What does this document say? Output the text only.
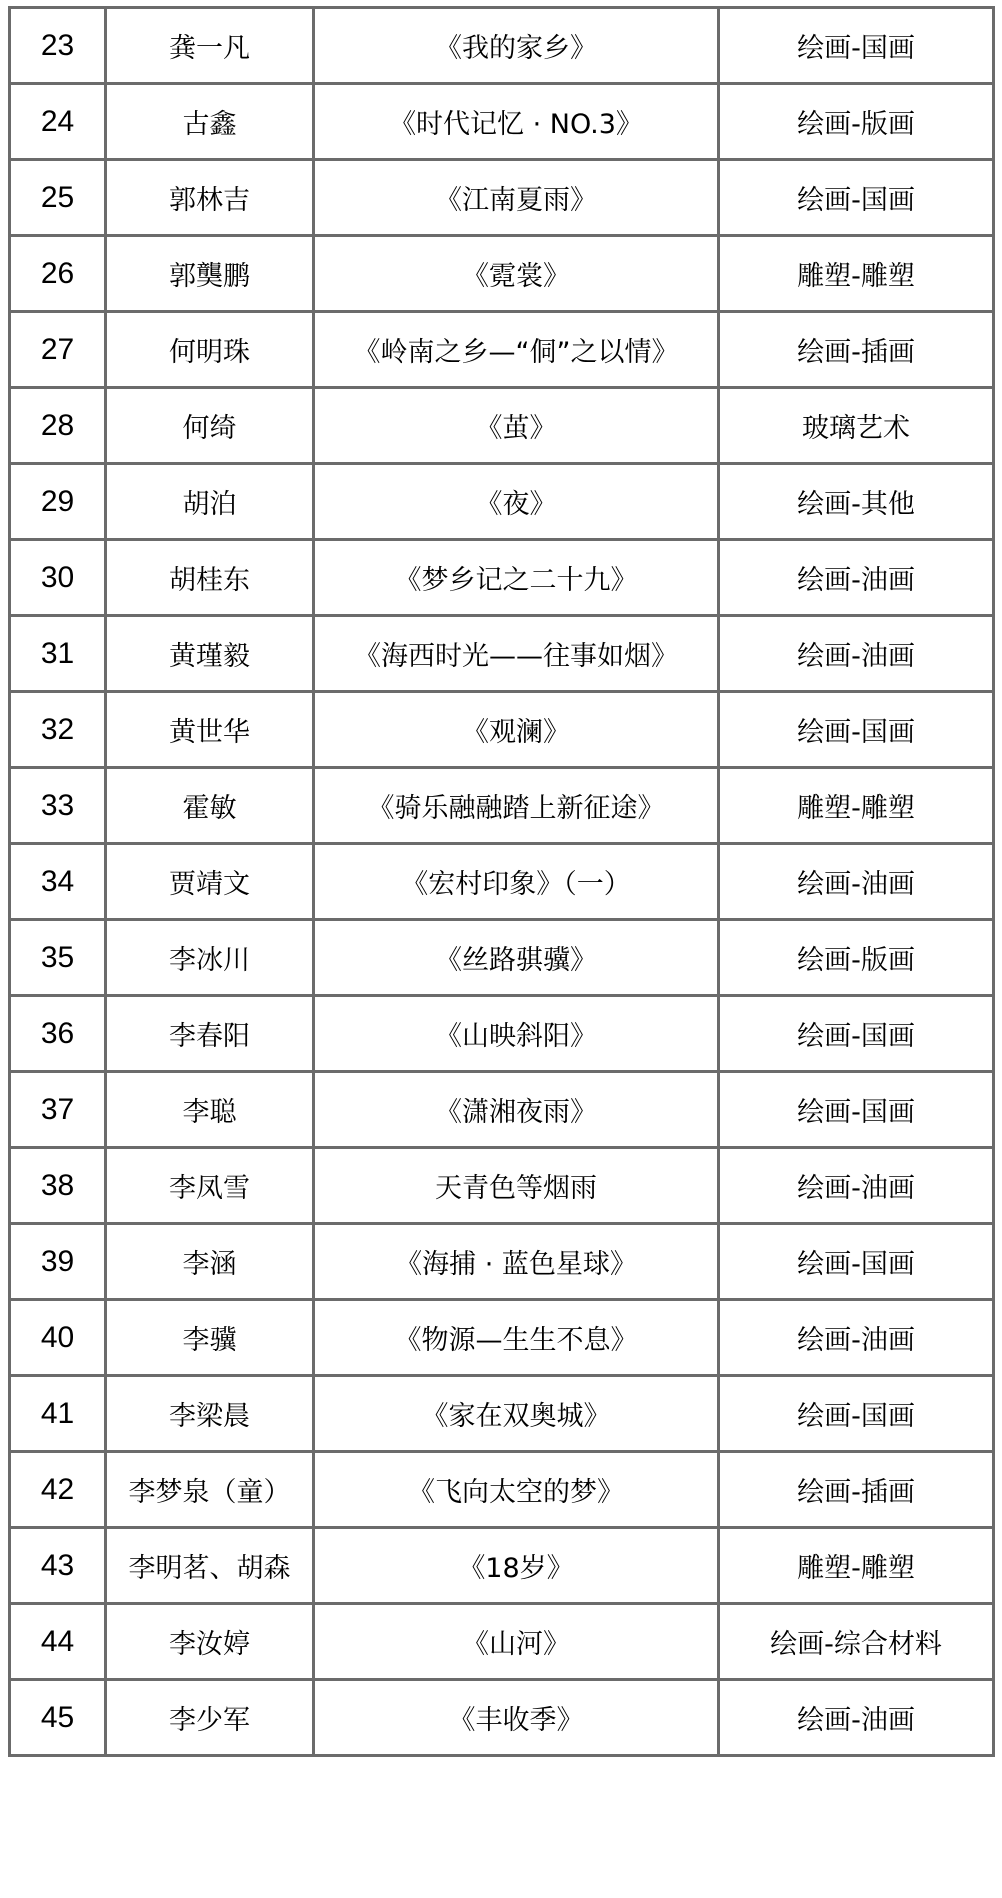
23	龚一凡	《我的家乡》	绘画-国画
24	古鑫	《时代记忆 · NO.3》	绘画-版画
25	郭林吉	《江南夏雨》	绘画-国画
26	郭龑鹏	《霓裳》	雕塑-雕塑
27	何明珠	《岭南之乡—“侗”之以情》	绘画-插画
28	何绮	《茧》	玻璃艺术
29	胡泊	《夜》	绘画-其他
30	胡桂东	《梦乡记之二十九》	绘画-油画
31	黄瑾毅	《海西时光——往事如烟》	绘画-油画
32	黄世华	《观澜》	绘画-国画
33	霍敏	《骑乐融融踏上新征途》	雕塑-雕塑
34	贾靖文	《宏村印象》（一）	绘画-油画
35	李冰川	《丝路骐骥》	绘画-版画
36	李春阳	《山映斜阳》	绘画-国画
37	李聪	《潇湘夜雨》	绘画-国画
38	李凤雪	天青色等烟雨	绘画-油画
39	李涵	《海捕 · 蓝色星球》	绘画-国画
40	李骥	《物源—生生不息》	绘画-油画
41	李梁晨	《家在双奥城》	绘画-国画
42	李梦泉（童）	《飞向太空的梦》	绘画-插画
43	李明茗、胡森	《18岁》	雕塑-雕塑
44	李汝婷	《山河》	绘画-综合材料
45	李少军	《丰收季》	绘画-油画
